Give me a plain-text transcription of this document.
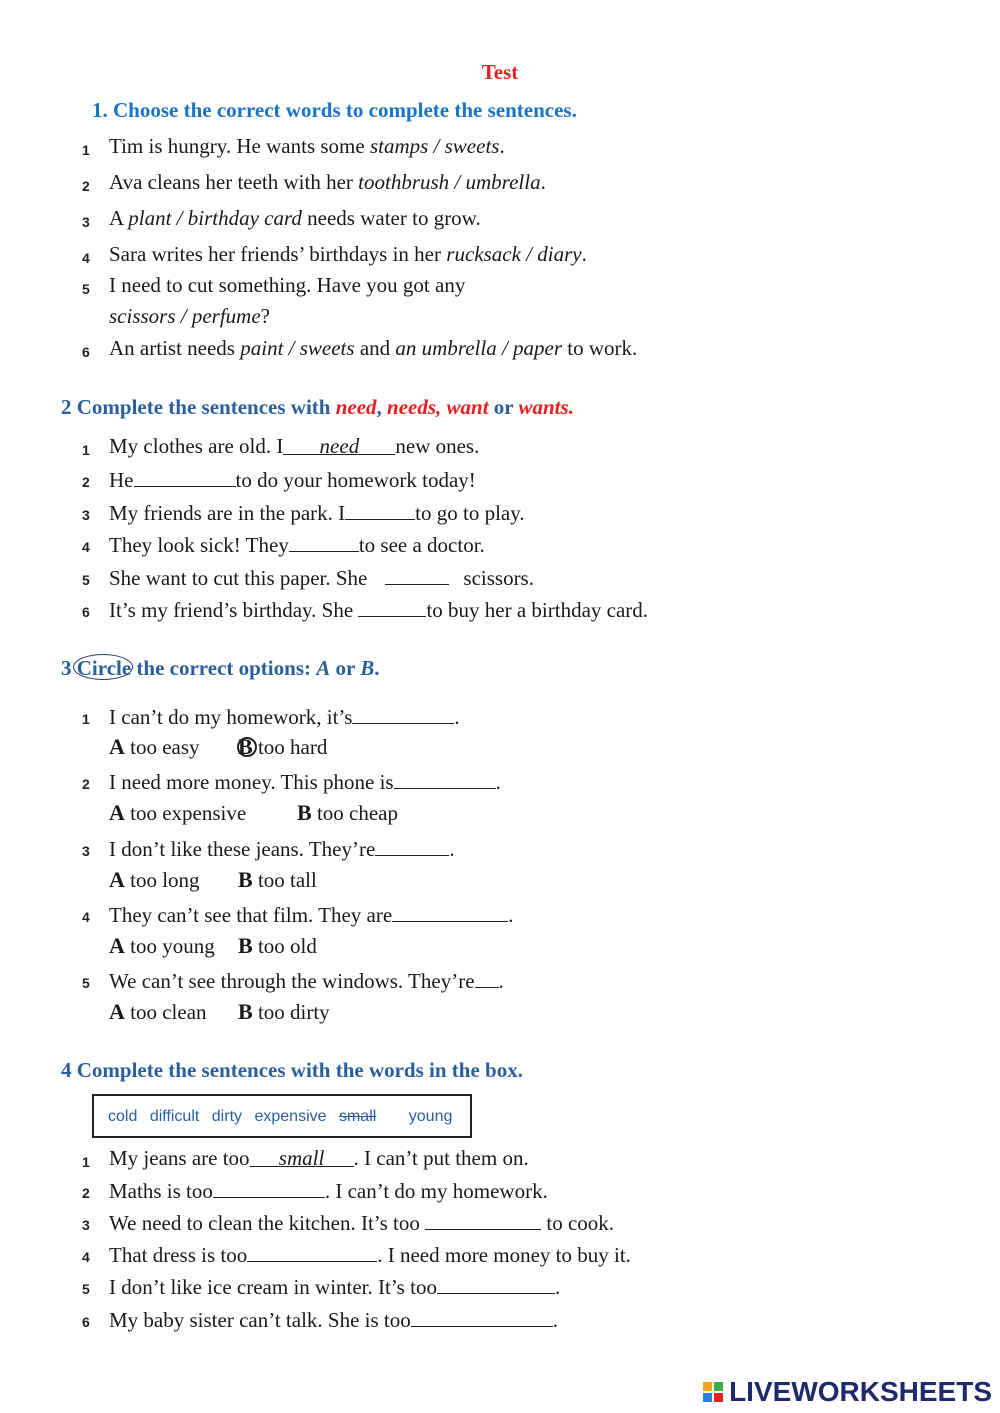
Test
1. Choose the correct words to complete the sentences.
1 Tim is hungry. He wants some stamps / sweets.
2 Ava cleans her teeth with her toothbrush / umbrella.
3 A plant / birthday card needs water to grow.
4 Sara writes her friends’ birthdays in her rucksack / diary.
5 I need to cut something. Have you got any
scissors / perfume?
6 An artist needs paint / sweets and an umbrella / paper to work.
2 Complete the sentences with need, needs, want or wants.
1 My clothes are old. I need new ones.
2 He	to do your homework today!
3 My friends are in the park. I	to go to play.
4 They look sick! They	to see a doctor.
5 She want to cut this paper. She	scissors.
6 It’s my friend’s birthday. She	to buy her a birthday card.
3 Circle
the correct options: A or B.
1 I can’t do my homework, it’s	.
A too easy B too hard
2 I need more money. This phone is	.
A too expensive B too cheap
3 I don’t like these jeans. They’re	.
A too long B too tall
4 They can’t see that film. They are	.
A too young B too old
5 We can’t see through the windows. They’re .
A too clean B too dirty
4 Complete the sentences with the words in the box.
cold difficult dirty expensive small young
1 My jeans are too small . I can’t put them on.
2 Maths is too	. I can’t do my homework.
3 We need to clean the kitchen. It’s too	to cook.
4 That dress is too	. I need more money to buy it.
5 I don’t like ice cream in winter. It’s too	.
6 My baby sister can’t talk. She is too	.
LIVEWORKSHEETS
